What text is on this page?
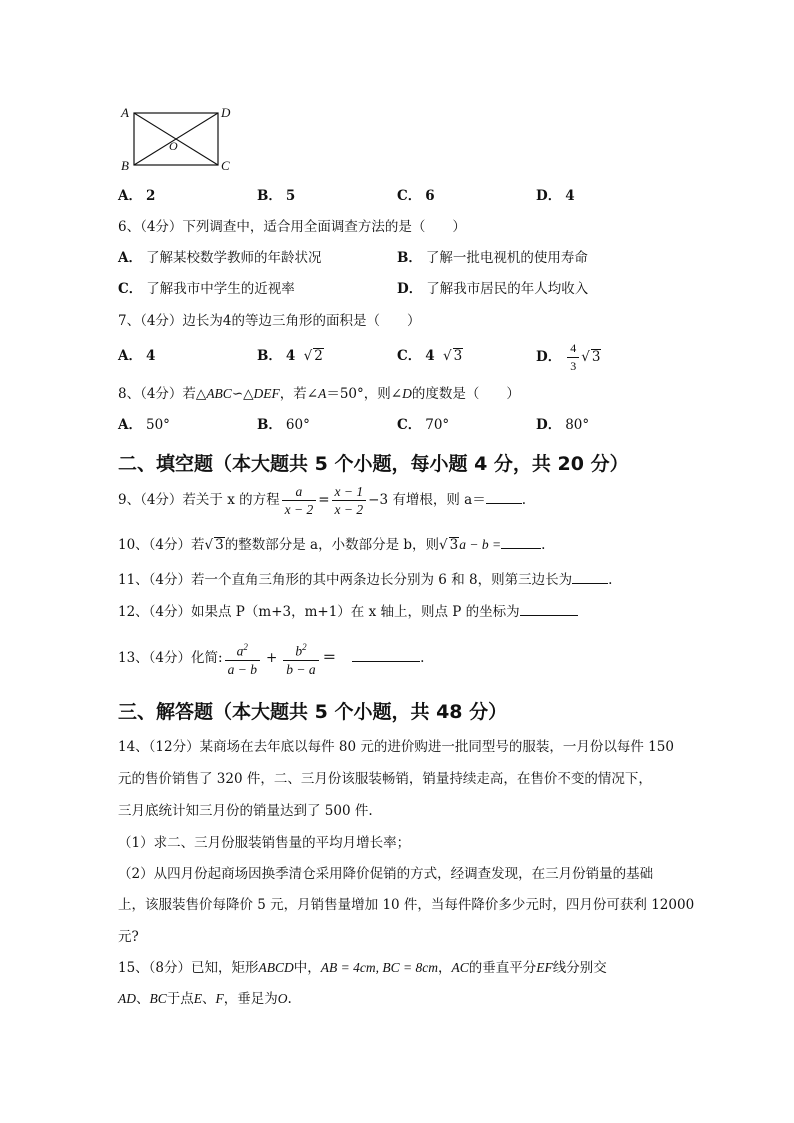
A	D
B	C
O
A． 2	B． 5	C． 6	D． 4
6、（4分）下列调查中，适合用全面调查方法的是（　　）
A． 了解某校数学教师的年龄状况	B． 了解一批电视机的使用寿命
C． 了解我市中学生的近视率	D． 了解我市居民的年人均收入
7、（4分）边长为4的等边三角形的面积是（　　）
A． 4	B． 4 √ 2	C． 4 √ 3	D． $\frac{4}{3}$ √ 3
8、（4分）若△ABC∽△DEF，若∠A＝50°，则∠D的度数是（　　）
A． 50°	B． 60°	C． 70°	D． 80°
二、填空题（本大题共 5 个小题，每小题 4 分，共 20 分）
9、（4分）若关于 x 的方程 $\frac{a}{x - 2} = \frac{x - 1}{x - 2} -3$ 有增根，则 a＝	.
10、（4分）若√ 3的整数部分是 a，小数部分是 b，则√ 3a − b =	.
11、（4分）若一个直角三角形的其中两条边长分别为 6 和 8，则第三边长为	.
12、（4分）如果点 P（m+3，m+1）在 x 轴上，则点 P 的坐标为
13、（4分）化简: $\frac{a^2}{a - b} + \frac{b^2}{b - a}$ ＝	.
三、解答题（本大题共 5 个小题，共 48 分）
14、（12分）某商场在去年底以每件 80 元的进价购进一批同型号的服装，一月份以每件 150
元的售价销售了 320 件，二、三月份该服装畅销，销量持续走高，在售价不变的情况下，
三月底统计知三月份的销量达到了 500 件.
（1）求二、三月份服装销售量的平均月增长率；
（2）从四月份起商场因换季清仓采用降价促销的方式，经调查发现，在三月份销量的基础
上，该服装售价每降价 5 元，月销售量增加 10 件，当每件降价多少元时，四月份可获利 12000
元?
15、（8分）已知，矩形ABCD中，AB = 4cm, BC = 8cm，AC的垂直平分EF线分别交
AD、BC于点E、F，垂足为O.
